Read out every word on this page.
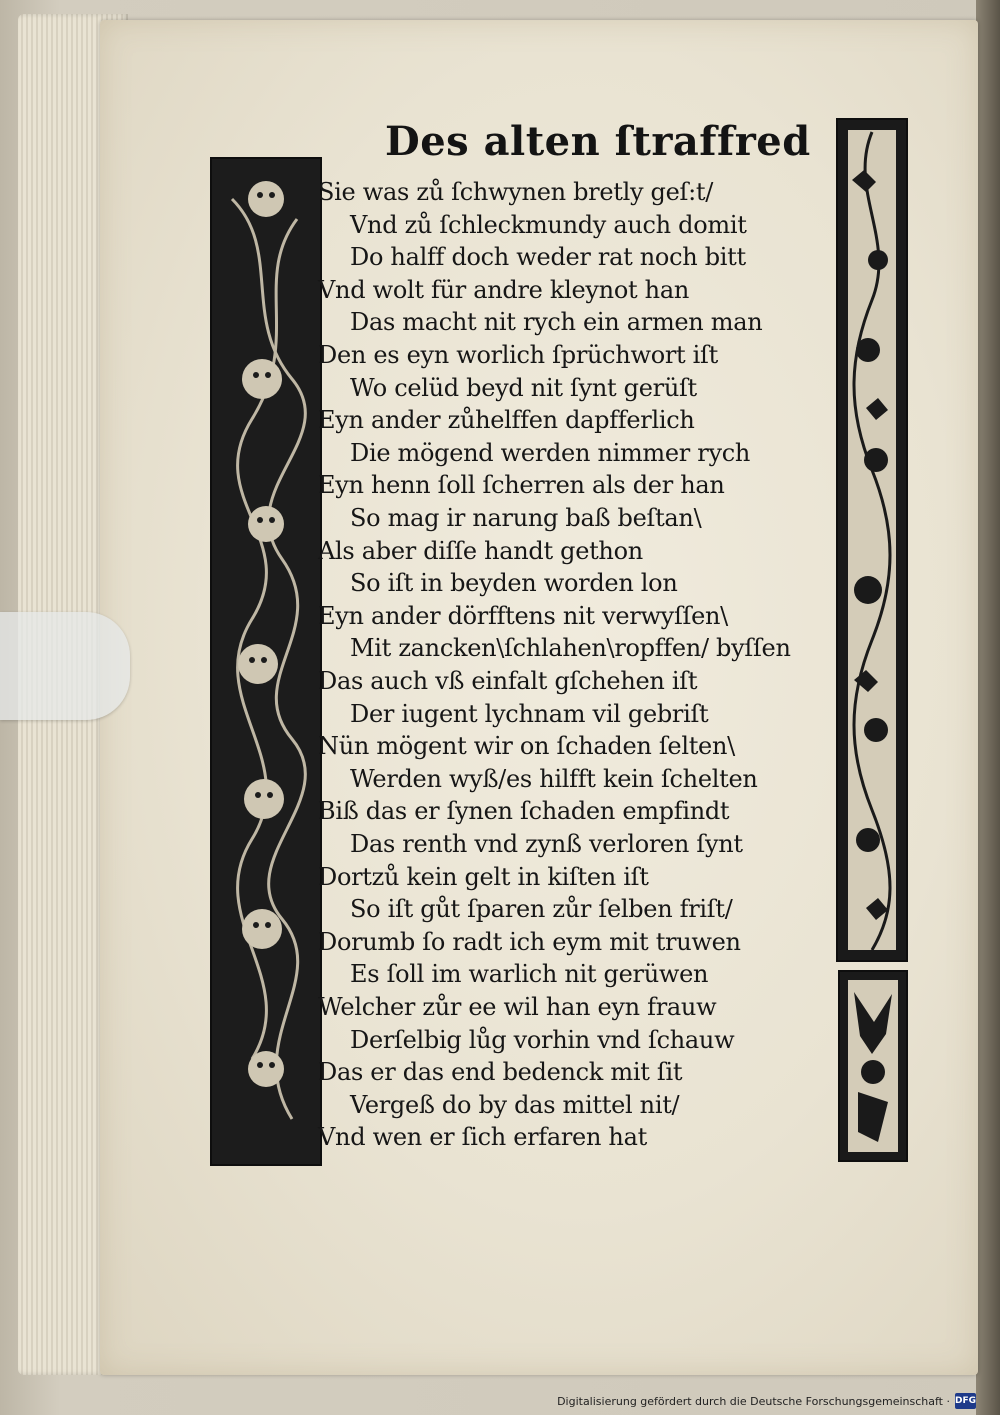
Des alten ſtraffred
Sie was zů ſchwynen bretly geſ:t/
Vnd zů ſchleckmundy auch domit
Do halff doch weder rat noch bitt
Vnd wolt für andre kleynot han
Das macht nit rych ein armen man
Den es eyn worlich ſprüchwort iſt
Wo celüd beyd nit ſynt gerüſt
Eyn ander zůhelffen dapfferlich
Die mögend werden nimmer rych
Eyn henn ſoll ſcherren als der han
So mag ir narung baß beſtan\
Als aber diſſe handt gethon
So iſt in beyden worden lon
Eyn ander dörfftens nit verwyſſen\
Mit zancken\ſchlahen\ropffen/ byſſen
Das auch vß einfalt gſchehen iſt
Der iugent lychnam vil gebriſt
Nün mögent wir on ſchaden ſelten\
Werden wyß/es hilfft kein ſchelten
Biß das er ſynen ſchaden empfindt
Das renth vnd zynß verloren ſynt
Dortzů kein gelt in kiſten iſt
So iſt gůt ſparen zůr ſelben friſt/
Dorumb ſo radt ich eym mit truwen
Es ſoll im warlich nit gerüwen
Welcher zůr ee wil han eyn frauw
Derſelbig lůg vorhin vnd ſchauw
Das er das end bedenck mit ſit
Vergeß do by das mittel nit/
Vnd wen er ſich erfaren hat
Digitalisierung gefördert durch die Deutsche Forschungsgemeinschaft · DFG
